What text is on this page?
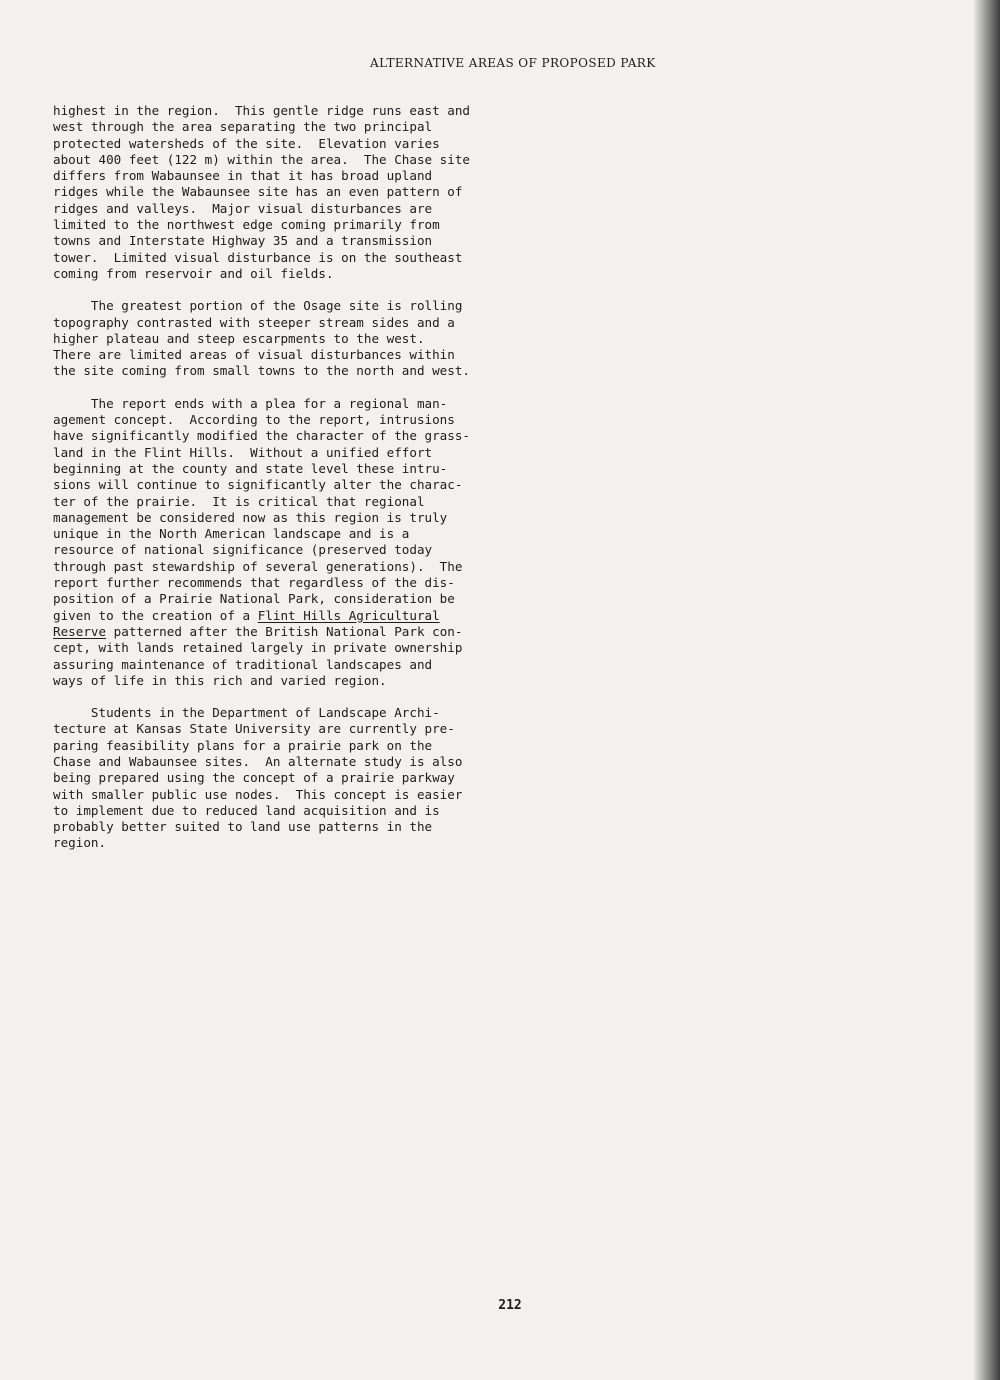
ALTERNATIVE AREAS OF PROPOSED PARK

highest in the region.  This gentle ridge runs east and
west through the area separating the two principal
protected watersheds of the site.  Elevation varies
about 400 feet (122 m) within the area.  The Chase site
differs from Wabaunsee in that it has broad upland
ridges while the Wabaunsee site has an even pattern of
ridges and valleys.  Major visual disturbances are
limited to the northwest edge coming primarily from
towns and Interstate Highway 35 and a transmission
tower.  Limited visual disturbance is on the southeast
coming from reservoir and oil fields.

The greatest portion of the Osage site is rolling
topography contrasted with steeper stream sides and a
higher plateau and steep escarpments to the west.
There are limited areas of visual disturbances within
the site coming from small towns to the north and west.

The report ends with a plea for a regional man-
agement concept.  According to the report, intrusions
have significantly modified the character of the grass-
land in the Flint Hills.  Without a unified effort
beginning at the county and state level these intru-
sions will continue to significantly alter the charac-
ter of the prairie.  It is critical that regional
management be considered now as this region is truly
unique in the North American landscape and is a
resource of national significance (preserved today
through past stewardship of several generations).  The
report further recommends that regardless of the dis-
position of a Prairie National Park, consideration be
given to the creation of a Flint Hills Agricultural
Reserve patterned after the British National Park con-
cept, with lands retained largely in private ownership
assuring maintenance of traditional landscapes and
ways of life in this rich and varied region.

Students in the Department of Landscape Archi-
tecture at Kansas State University are currently pre-
paring feasibility plans for a prairie park on the
Chase and Wabaunsee sites.  An alternate study is also
being prepared using the concept of a prairie parkway
with smaller public use nodes.  This concept is easier
to implement due to reduced land acquisition and is
probably better suited to land use patterns in the
region.

212
